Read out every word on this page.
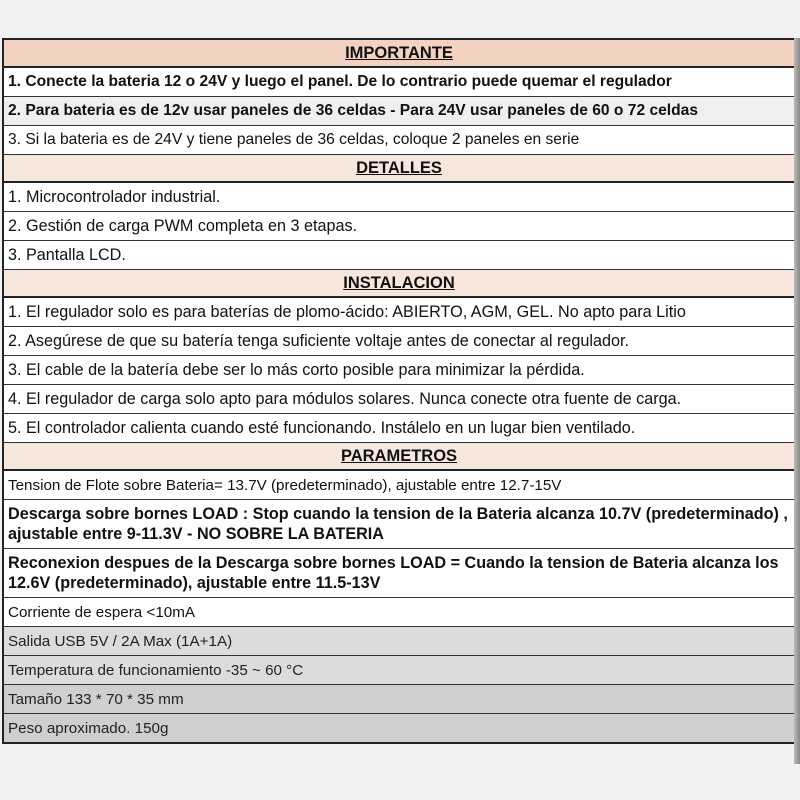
IMPORTANTE
1. Conecte la bateria 12 o 24V y luego el panel. De lo contrario puede quemar el regulador
2. Para bateria es de 12v usar paneles de 36 celdas - Para 24V usar paneles de 60 o 72 celdas
3. Si la bateria es de 24V y tiene paneles de 36 celdas, coloque 2 paneles en serie
DETALLES
1. Microcontrolador industrial.
2. Gestión de carga PWM completa en 3 etapas.
3. Pantalla LCD.
INSTALACION
1. El regulador solo es para baterías de plomo-ácido: ABIERTO, AGM, GEL. No apto para Litio
2. Asegúrese de que su batería tenga suficiente voltaje antes de conectar al regulador.
3. El cable de la batería debe ser lo más corto posible para minimizar la pérdida.
4. El regulador de carga solo apto para módulos solares. Nunca conecte otra fuente de carga.
5. El controlador calienta cuando esté funcionando. Instálelo en un lugar bien ventilado.
PARAMETROS
Tension de Flote sobre Bateria= 13.7V (predeterminado), ajustable entre 12.7-15V
Descarga sobre bornes LOAD : Stop cuando la tension de la Bateria alcanza 10.7V (predeterminado) , ajustable entre 9-11.3V - NO SOBRE LA BATERIA
Reconexion despues de la Descarga sobre bornes LOAD = Cuando la tension de Bateria alcanza los 12.6V (predeterminado), ajustable entre 11.5-13V
Corriente de espera <10mA
Salida USB 5V / 2A Max (1A+1A)
Temperatura de funcionamiento -35 ~ 60 °C
Tamaño 133 * 70 * 35 mm
Peso aproximado. 150g
